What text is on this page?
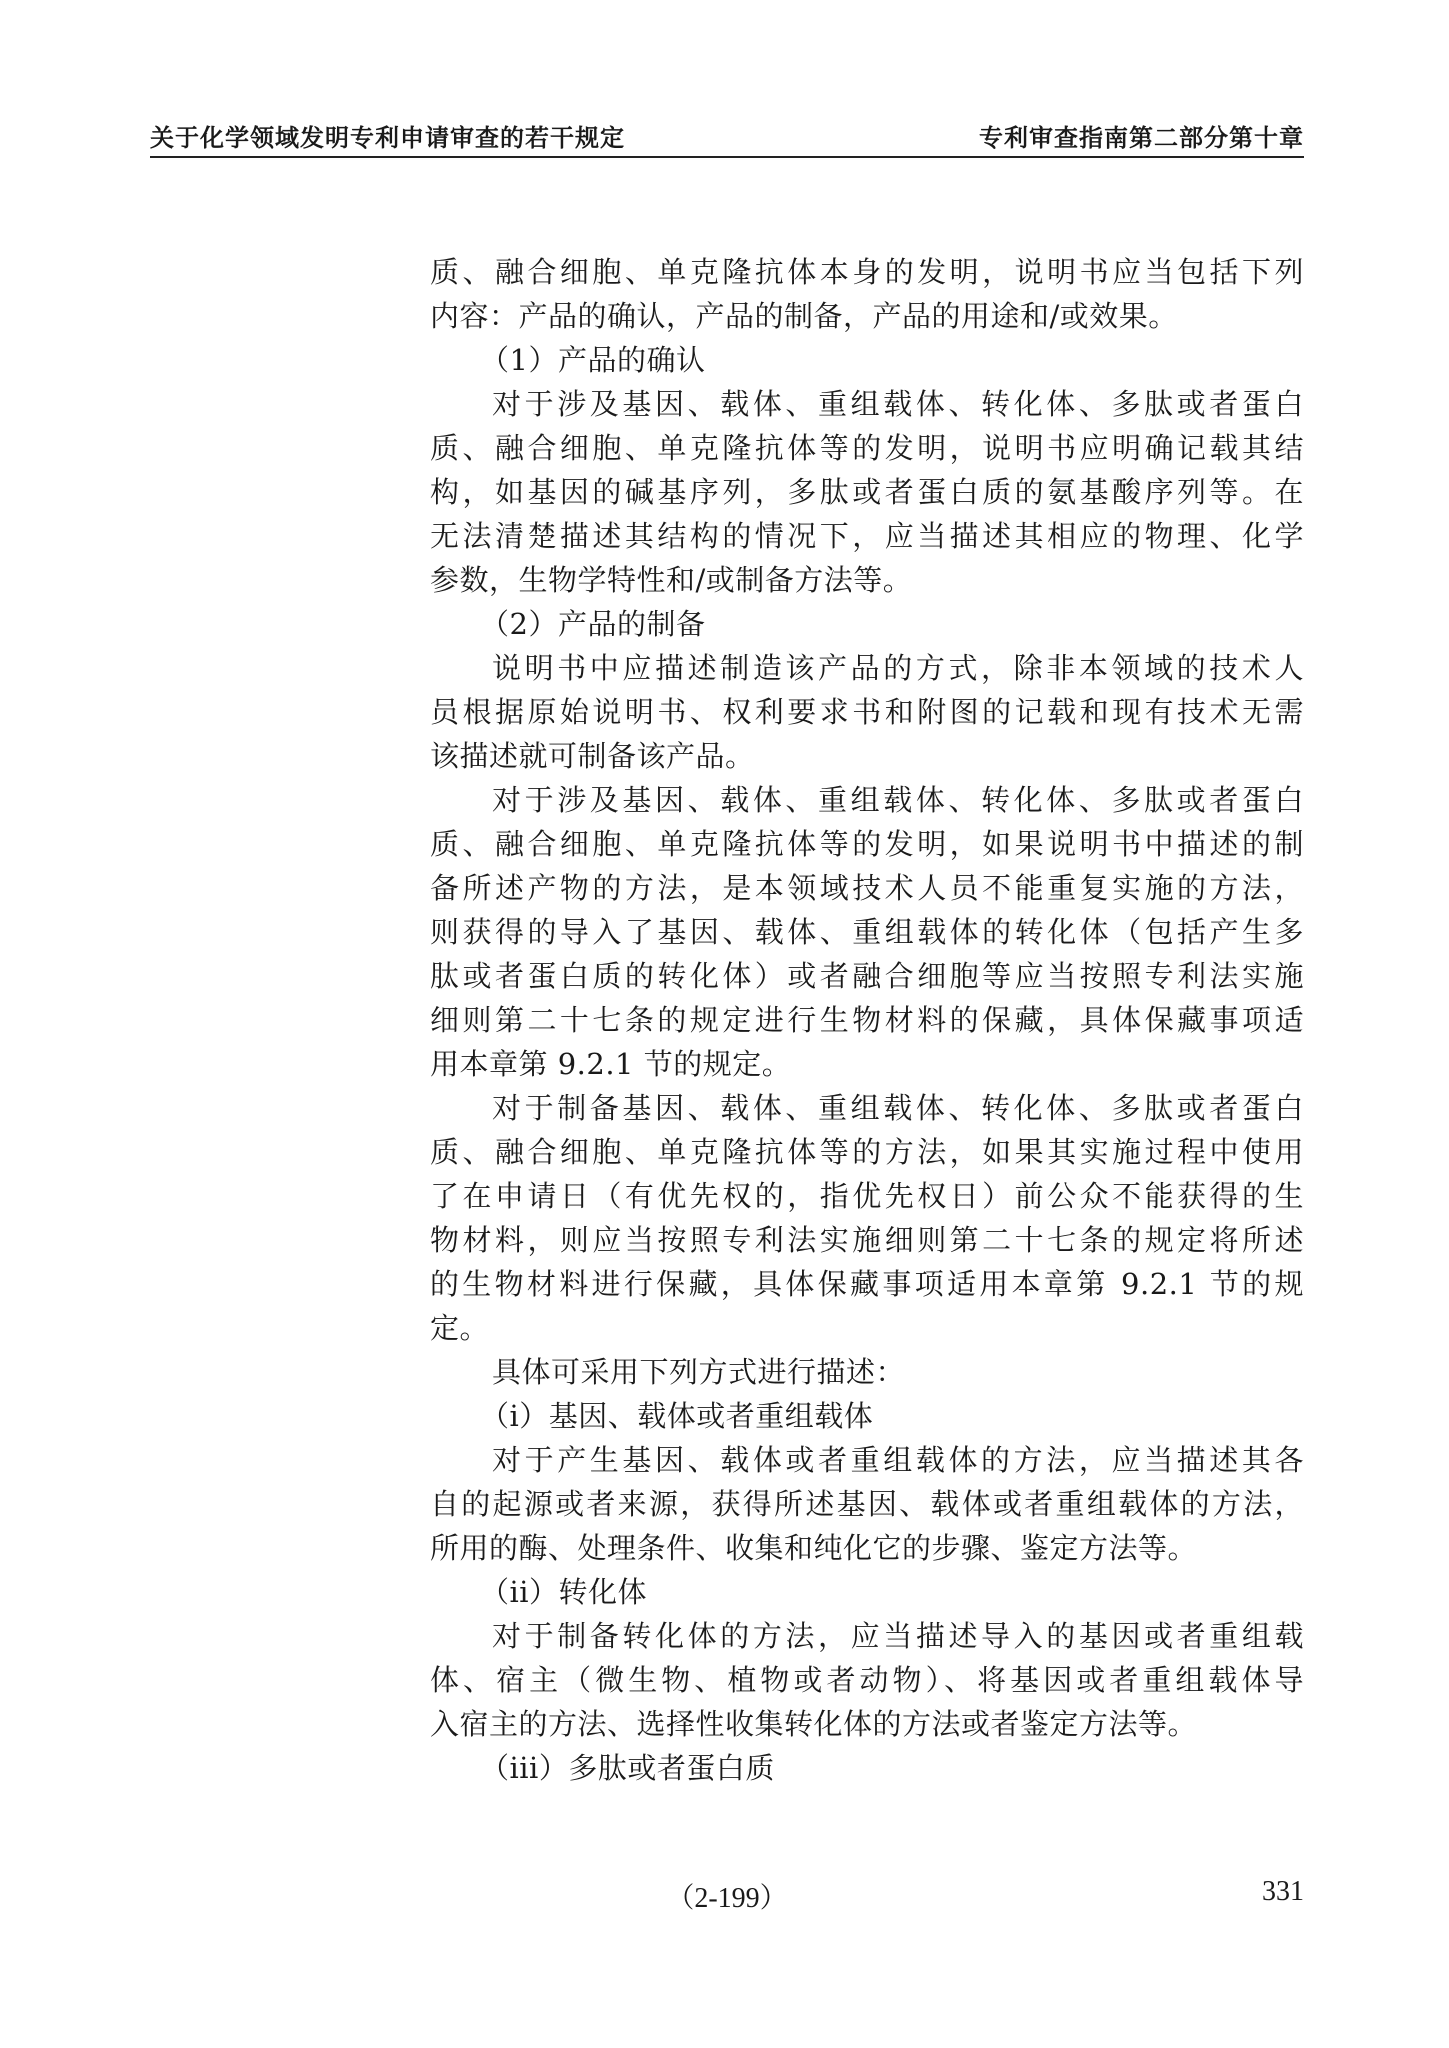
关于化学领域发明专利申请审查的若干规定	专利审查指南第二部分第十章
质、融合细胞、单克隆抗体本身的发明，说明书应当包括下列
内容：产品的确认，产品的制备，产品的用途和/或效果。
（1）产品的确认
对于涉及基因、载体、重组载体、转化体、多肽或者蛋白
质、融合细胞、单克隆抗体等的发明，说明书应明确记载其结
构，如基因的碱基序列，多肽或者蛋白质的氨基酸序列等。在
无法清楚描述其结构的情况下，应当描述其相应的物理、化学
参数，生物学特性和/或制备方法等。
（2）产品的制备
说明书中应描述制造该产品的方式，除非本领域的技术人
员根据原始说明书、权利要求书和附图的记载和现有技术无需
该描述就可制备该产品。
对于涉及基因、载体、重组载体、转化体、多肽或者蛋白
质、融合细胞、单克隆抗体等的发明，如果说明书中描述的制
备所述产物的方法，是本领域技术人员不能重复实施的方法，
则获得的导入了基因、载体、重组载体的转化体（包括产生多
肽或者蛋白质的转化体）或者融合细胞等应当按照专利法实施
细则第二十七条的规定进行生物材料的保藏，具体保藏事项适
用本章第 9.2.1 节的规定。
对于制备基因、载体、重组载体、转化体、多肽或者蛋白
质、融合细胞、单克隆抗体等的方法，如果其实施过程中使用
了在申请日（有优先权的，指优先权日）前公众不能获得的生
物材料，则应当按照专利法实施细则第二十七条的规定将所述
的生物材料进行保藏，具体保藏事项适用本章第 9.2.1 节的规
定。
具体可采用下列方式进行描述：
（i）基因、载体或者重组载体
对于产生基因、载体或者重组载体的方法，应当描述其各
自的起源或者来源，获得所述基因、载体或者重组载体的方法，
所用的酶、处理条件、收集和纯化它的步骤、鉴定方法等。
（ii）转化体
对于制备转化体的方法，应当描述导入的基因或者重组载
体、宿主（微生物、植物或者动物）、将基因或者重组载体导
入宿主的方法、选择性收集转化体的方法或者鉴定方法等。
（iii）多肽或者蛋白质
（2-199）	331
